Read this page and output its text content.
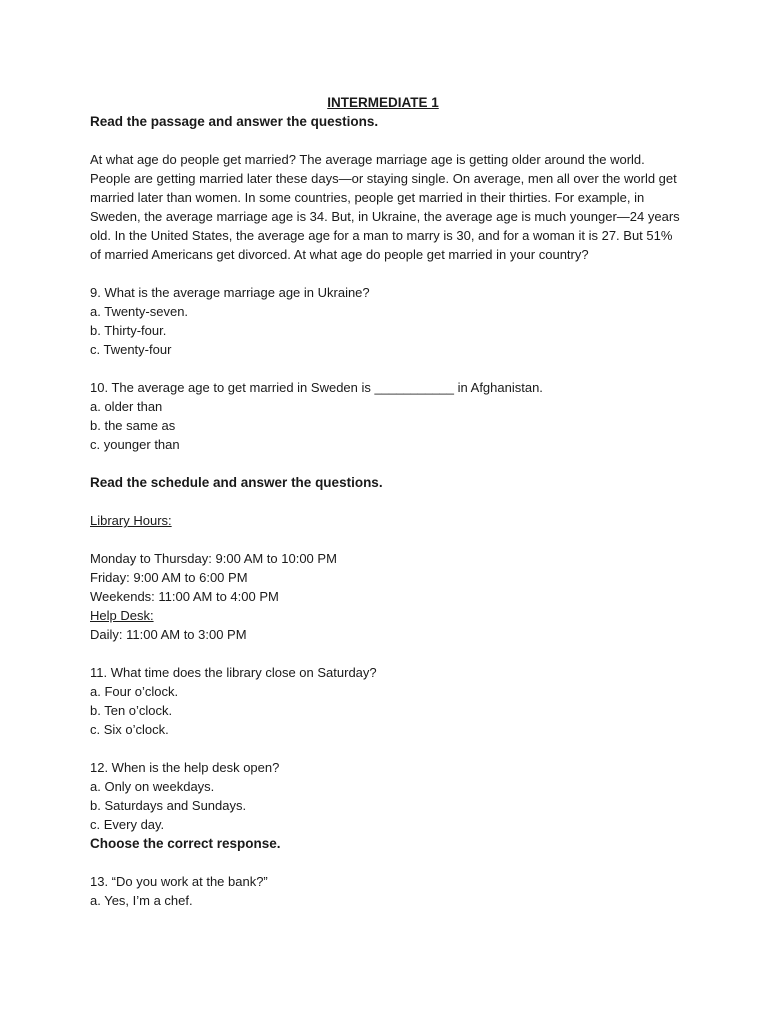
INTERMEDIATE 1

Read the passage and answer the questions.

At what age do people get married? The average marriage age is getting older around the world. People are getting married later these days—or staying single. On average, men all over the world get married later than women. In some countries, people get married in their thirties. For example, in Sweden, the average marriage age is 34. But, in Ukraine, the average age is much younger—24 years old. In the United States, the average age for a man to marry is 30, and for a woman it is 27. But 51% of married Americans get divorced. At what age do people get married in your country?

9. What is the average marriage age in Ukraine?

a. Twenty-seven.

b. Thirty-four.

c. Twenty-four

10. The average age to get married in Sweden is ___________ in Afghanistan.

a. older than

b. the same as

c. younger than

Read the schedule and answer the questions.

Library Hours:

Monday to Thursday: 9:00 AM to 10:00 PM

Friday: 9:00 AM to 6:00 PM

Weekends: 11:00 AM to 4:00 PM

Help Desk:

Daily: 11:00 AM to 3:00 PM

11. What time does the library close on Saturday?

a. Four o’clock.

b. Ten o’clock.

c. Six o’clock.

12. When is the help desk open?

a. Only on weekdays.

b. Saturdays and Sundays.

c. Every day.

Choose the correct response.

13. “Do you work at the bank?”

a. Yes, I’m a chef.
